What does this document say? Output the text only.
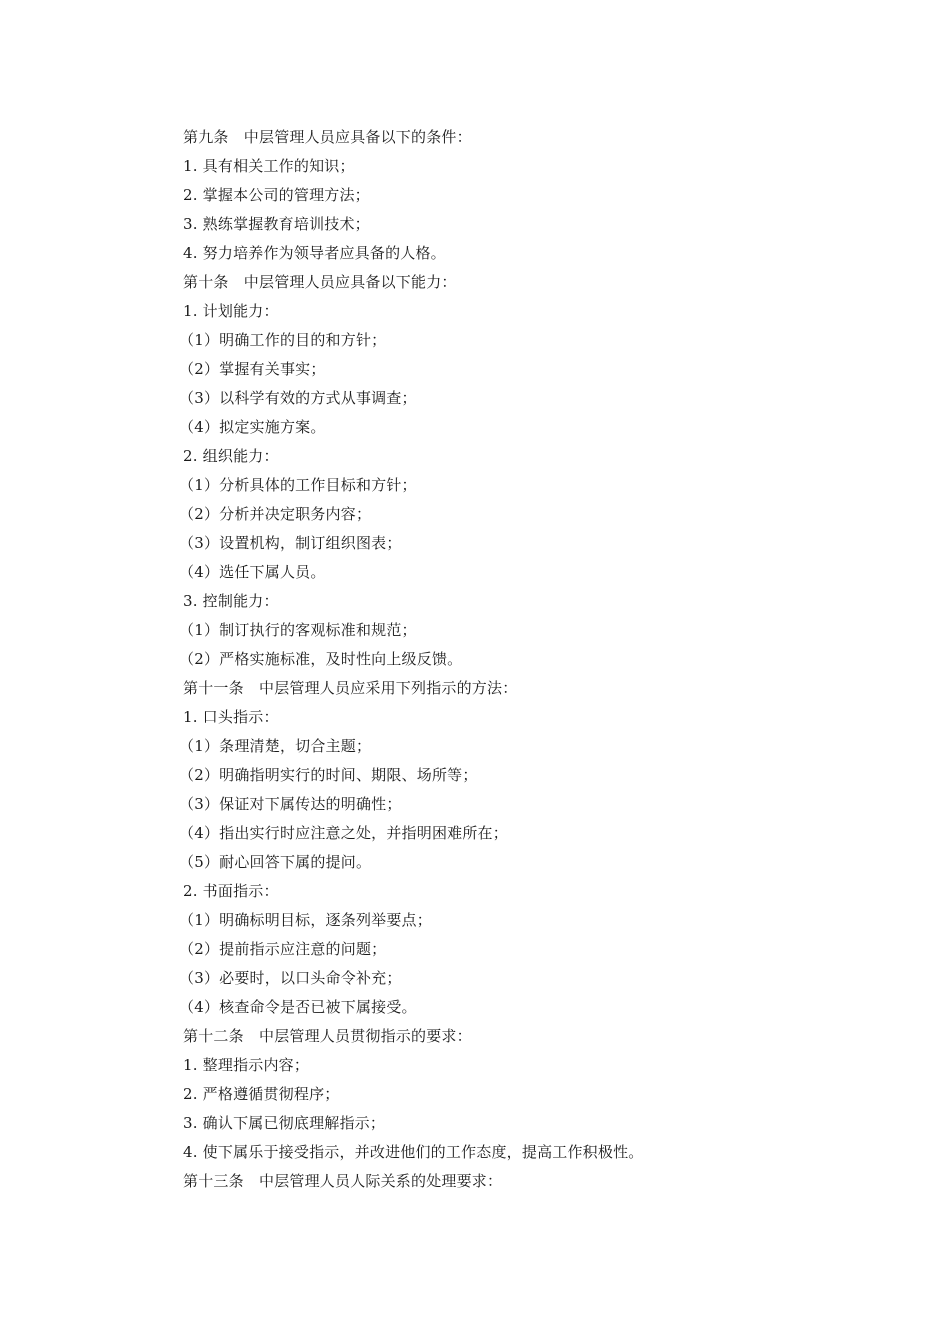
第九条　中层管理人员应具备以下的条件：
1. 具有相关工作的知识；
2. 掌握本公司的管理方法；
3. 熟练掌握教育培训技术；
4. 努力培养作为领导者应具备的人格。
第十条　中层管理人员应具备以下能力：
1. 计划能力：
（1）明确工作的目的和方针；
（2）掌握有关事实；
（3）以科学有效的方式从事调查；
（4）拟定实施方案。
2. 组织能力：
（1）分析具体的工作目标和方针；
（2）分析并决定职务内容；
（3）设置机构，制订组织图表；
（4）选任下属人员。
3. 控制能力：
（1）制订执行的客观标准和规范；
（2）严格实施标准，及时性向上级反馈。
第十一条　中层管理人员应采用下列指示的方法：
1. 口头指示：
（1）条理清楚，切合主题；
（2）明确指明实行的时间、期限、场所等；
（3）保证对下属传达的明确性；
（4）指出实行时应注意之处，并指明困难所在；
（5）耐心回答下属的提问。
2. 书面指示：
（1）明确标明目标，逐条列举要点；
（2）提前指示应注意的问题；
（3）必要时，以口头命令补充；
（4）核查命令是否已被下属接受。
第十二条　中层管理人员贯彻指示的要求：
1. 整理指示内容；
2. 严格遵循贯彻程序；
3. 确认下属已彻底理解指示；
4. 使下属乐于接受指示，并改进他们的工作态度，提高工作积极性。
第十三条　中层管理人员人际关系的处理要求：
